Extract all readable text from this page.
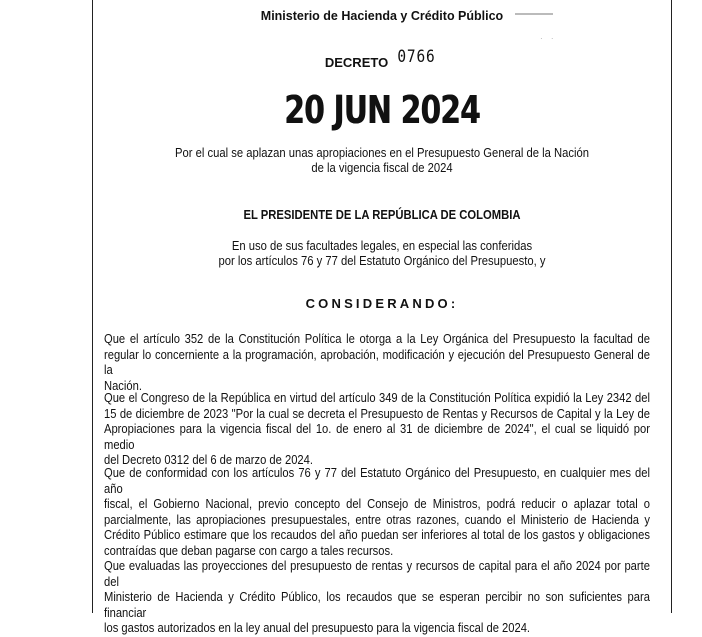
· ·
Ministerio de Hacienda y Crédito Público
DECRETO 0766
20 JUN 2024
Por el cual se aplazan unas apropiaciones en el Presupuesto General de la Nación
de la vigencia fiscal de 2024
EL PRESIDENTE DE LA REPÚBLICA DE COLOMBIA
En uso de sus facultades legales, en especial las conferidas
por los artículos 76 y 77 del Estatuto Orgánico del Presupuesto, y
CONSIDERANDO:
Que el artículo 352 de la Constitución Política le otorga a la Ley Orgánica del Presupuesto la facultad de
regular lo concerniente a la programación, aprobación, modificación y ejecución del Presupuesto General de la
Nación.
Que el Congreso de la República en virtud del artículo 349 de la Constitución Política expidió la Ley 2342 del
15 de diciembre de 2023 "Por la cual se decreta el Presupuesto de Rentas y Recursos de Capital y la Ley de
Apropiaciones para la vigencia fiscal del 1o. de enero al 31 de diciembre de 2024", el cual se liquidó por medio
del Decreto 0312 del 6 de marzo de 2024.
Que de conformidad con los artículos 76 y 77 del Estatuto Orgánico del Presupuesto, en cualquier mes del año
fiscal, el Gobierno Nacional, previo concepto del Consejo de Ministros, podrá reducir o aplazar total o
parcialmente, las apropiaciones presupuestales, entre otras razones, cuando el Ministerio de Hacienda y
Crédito Público estimare que los recaudos del año puedan ser inferiores al total de los gastos y obligaciones
contraídas que deban pagarse con cargo a tales recursos.
Que evaluadas las proyecciones del presupuesto de rentas y recursos de capital para el año 2024 por parte del
Ministerio de Hacienda y Crédito Público, los recaudos que se esperan percibir no son suficientes para financiar
los gastos autorizados en la ley anual del presupuesto para la vigencia fiscal de 2024.
